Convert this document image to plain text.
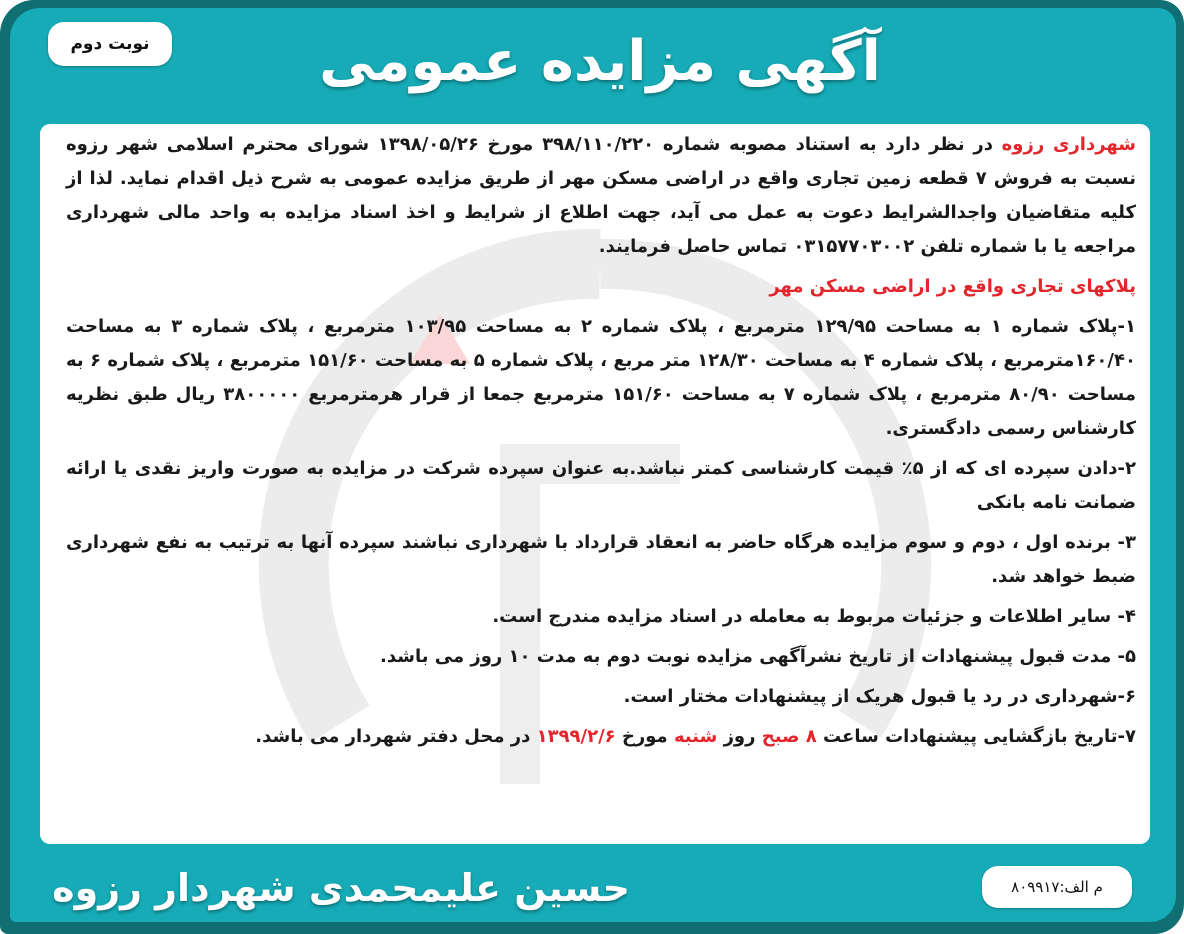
نوبت دوم	آگهی مزایده عمومی

شهرداری رزوه در نظر دارد به استناد مصوبه شماره ۳۹۸/۱۱۰/۲۲۰ مورخ ۱۳۹۸/۰۵/۲۶ شورای محترم اسلامی شهر رزوه نسبت به فروش ۷ قطعه زمین تجاری واقع در اراضی مسکن مهر از طریق مزایده عمومی به شرح ذیل اقدام نماید. لذا از کلیه متقاضیان واجدالشرایط دعوت به عمل می آید، جهت اطلاع از شرایط و اخذ اسناد مزایده به واحد مالی شهرداری مراجعه یا با شماره تلفن ۰۳۱۵۷۷۰۳۰۰۲ تماس حاصل فرمایند.

پلاکهای تجاری واقع در اراضی مسکن مهر

۱-پلاک شماره ۱ به مساحت ۱۲۹/۹۵ مترمربع ، پلاک شماره ۲ به مساحت ۱۰۳/۹۵ مترمربع ، پلاک شماره ۳ به مساحت ۱۶۰/۴۰مترمربع ، پلاک شماره ۴ به مساحت ۱۲۸/۳۰ متر مربع ، پلاک شماره ۵ به مساحت ۱۵۱/۶۰ مترمربع ، پلاک شماره ۶ به مساحت ۸۰/۹۰ مترمربع ، پلاک شماره ۷ به مساحت ۱۵۱/۶۰ مترمربع جمعا از قرار هرمترمربع ۳۸۰۰۰۰۰ ریال طبق نظریه کارشناس رسمی دادگستری.

۲-دادن سپرده ای که از ۵٪ قیمت کارشناسی کمتر نباشد.به عنوان سپرده شرکت در مزایده به صورت واریز نقدی یا ارائه ضمانت نامه بانکی

۳- برنده اول ، دوم و سوم مزایده هرگاه حاضر به انعقاد قرارداد با شهرداری نباشند سپرده آنها به ترتیب به نفع شهرداری ضبط خواهد شد.

۴- سایر اطلاعات و جزئیات مربوط به معامله در اسناد مزایده مندرج است.

۵- مدت قبول پیشنهادات از تاریخ نشرآگهی مزایده نوبت دوم به مدت ۱۰ روز می باشد.

۶-شهرداری در رد یا قبول هریک از پیشنهادات مختار است.

۷-تاریخ بازگشایی پیشنهادات ساعت ۸ صبح روز شنبه مورخ ۱۳۹۹/۲/۶ در محل دفتر شهردار می باشد.

م الف:۸۰۹۹۱۷
حسین علیمحمدی شهردار رزوه
